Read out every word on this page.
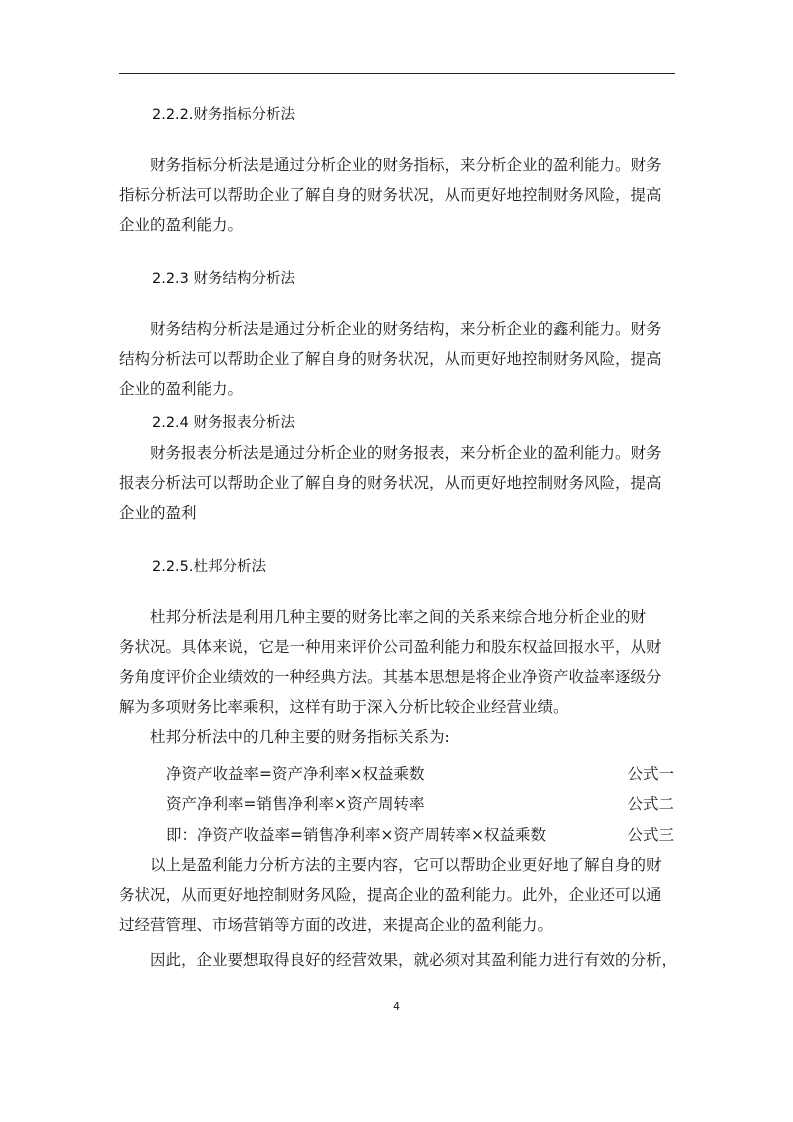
2.2.2.财务指标分析法
财务指标分析法是通过分析企业的财务指标，来分析企业的盈利能力。财务
指标分析法可以帮助企业了解自身的财务状况，从而更好地控制财务风险，提高
企业的盈利能力。
2.2.3 财务结构分析法
财务结构分析法是通过分析企业的财务结构，来分析企业的鑫利能力。财务
结构分析法可以帮助企业了解自身的财务状况，从而更好地控制财务风险，提高
企业的盈利能力。
2.2.4 财务报表分析法
财务报表分析法是通过分析企业的财务报表，来分析企业的盈利能力。财务
报表分析法可以帮助企业了解自身的财务状况，从而更好地控制财务风险，提高
企业的盈利
2.2.5.杜邦分析法
杜邦分析法是利用几种主要的财务比率之间的关系来综合地分析企业的财
务状况。具体来说，它是一种用来评价公司盈利能力和股东权益回报水平，从财
务角度评价企业绩效的一种经典方法。其基本思想是将企业净资产收益率逐级分
解为多项财务比率乘积，这样有助于深入分析比较企业经营业绩。
杜邦分析法中的几种主要的财务指标关系为:
净资产收益率=资产净利率×权益乘数	公式一
资产净利率=销售净利率×资产周转率	公式二
即：净资产收益率=销售净利率×资产周转率×权益乘数	公式三
以上是盈利能力分析方法的主要内容，它可以帮助企业更好地了解自身的财
务状况，从而更好地控制财务风险，提高企业的盈利能力。此外，企业还可以通
过经营管理、市场营销等方面的改进，来提高企业的盈利能力。
因此，企业要想取得良好的经营效果，就必须对其盈利能力进行有效的分析，
4
